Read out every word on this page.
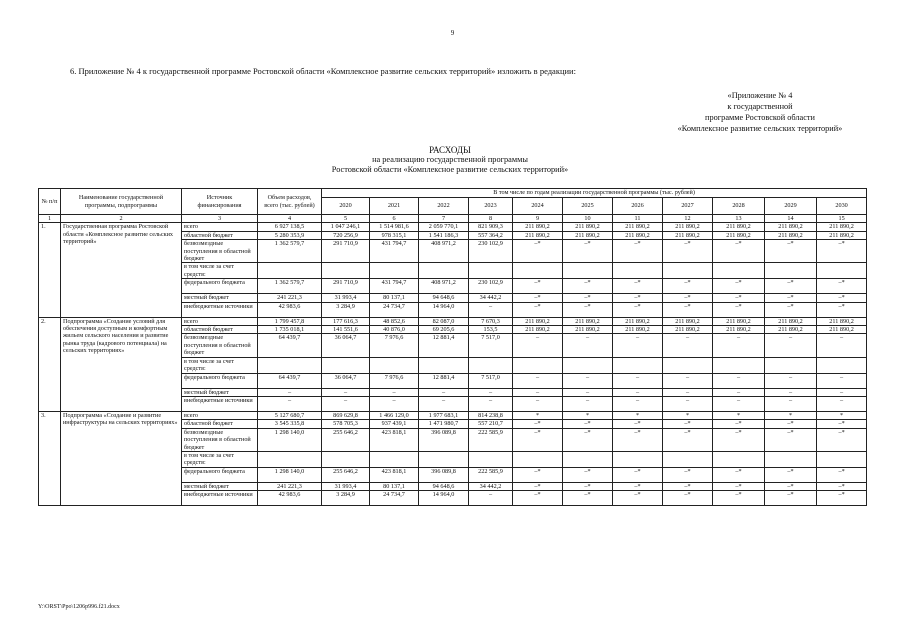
9
6. Приложение № 4 к государственной программе Ростовской области «Комплексное развитие сельских территорий» изложить в редакции:
«Приложение № 4
к государственной
программе Ростовской области
«Комплексное развитие сельских территорий»
РАСХОДЫ
на реализацию государственной программы
Ростовской области «Комплексное развитие сельских территорий»
№ п/п	Наименование государственной программы, подпрограммы	Источник финансирования	Объем расходов, всего (тыс. рублей)	В том числе по годам реализации государственной программы (тыс. рублей)										
				2020	2021	2022	2023	2024	2025	2026	2027	2028	2029	2030
1	2	3	4	5	6	7	8	9	10	11	12	13	14	15
1.	Государственная программа Ростовской области «Комплексное развитие сельских территорий»	всего	6 927 138,5	1 047 246,1	1 514 981,6	2 059 770,1	821 909,3	211 890,2	211 890,2	211 890,2	211 890,2	211 890,2	211 890,2	211 890,2
		областной бюджет	5 280 353,9	720 256,9	978 315,1	1 541 186,3	557 364,2	211 890,2	211 890,2	211 890,2	211 890,2	211 890,2	211 890,2	211 890,2
		безвозмездные поступления в областной бюджет	1 362 579,7	291 710,9	431 794,7	408 971,2	230 102,9	–*	–*	–*	–*	–*	–*	–*
		в том числе за счет средств:												
		федерального бюджета	1 362 579,7	291 710,9	431 794,7	408 971,2	230 102,9	–*	–*	–*	–*	–*	–*	–*
		местный бюджет	241 221,3	31 993,4	80 137,1	94 648,6	34 442,2	–*	–*	–*	–*	–*	–*	–*
		внебюджетные источники	42 983,6	3 284,9	24 734,7	14 964,0	–	–*	–*	–*	–*	–*	–*	–*
2.	Подпрограмма «Создание условий для обеспечения доступным и комфортным жильем сельского населения и развитие рынка труда (кадрового потенциала) на сельских территориях»	всего	1 799 457,8	177 616,3	48 852,6	82 087,0	7 670,3	211 890,2	211 890,2	211 890,2	211 890,2	211 890,2	211 890,2	211 890,2
		областной бюджет	1 735 018,1	141 551,6	40 876,0	69 205,6	153,5	211 890,2	211 890,2	211 890,2	211 890,2	211 890,2	211 890,2	211 890,2
		безвозмездные поступления в областной бюджет	64 439,7	36 064,7	7 976,6	12 881,4	7 517,0	–	–	–	–	–	–	–
		в том числе за счет средств:												
		федерального бюджета	64 439,7	36 064,7	7 976,6	12 881,4	7 517,0	–	–	–	–	–	–	–
		местный бюджет	–	–	–	–	–	–	–	–	–	–	–	–
		внебюджетные источники	–	–	–	–	–	–	–	–	–	–	–	–
3.	Подпрограмма «Создание и развитие инфраструктуры на сельских территориях»	всего	5 127 680,7	869 629,8	1 466 129,0	1 977 683,1	814 238,8	*	*	*	*	*	*	*
		областной бюджет	3 545 335,8	578 705,3	937 439,1	1 471 980,7	557 210,7	–*	–*	–*	–*	–*	–*	–*
		безвозмездные поступления в областной бюджет	1 298 140,0	255 646,2	423 818,1	396 089,8	222 585,9	–*	–*	–*	–*	–*	–*	–*
		в том числе за счет средств:												
		федерального бюджета	1 298 140,0	255 646,2	423 818,1	396 089,8	222 585,9	–*	–*	–*	–*	–*	–*	–*
		местный бюджет	241 221,3	31 993,4	80 137,1	94 648,6	34 442,2	–*	–*	–*	–*	–*	–*	–*
		внебюджетные источники	42 983,6	3 284,9	24 734,7	14 964,0	–	–*	–*	–*	–*	–*	–*	–*
Y:\ORST\Ppo\1206p996.f21.docx
